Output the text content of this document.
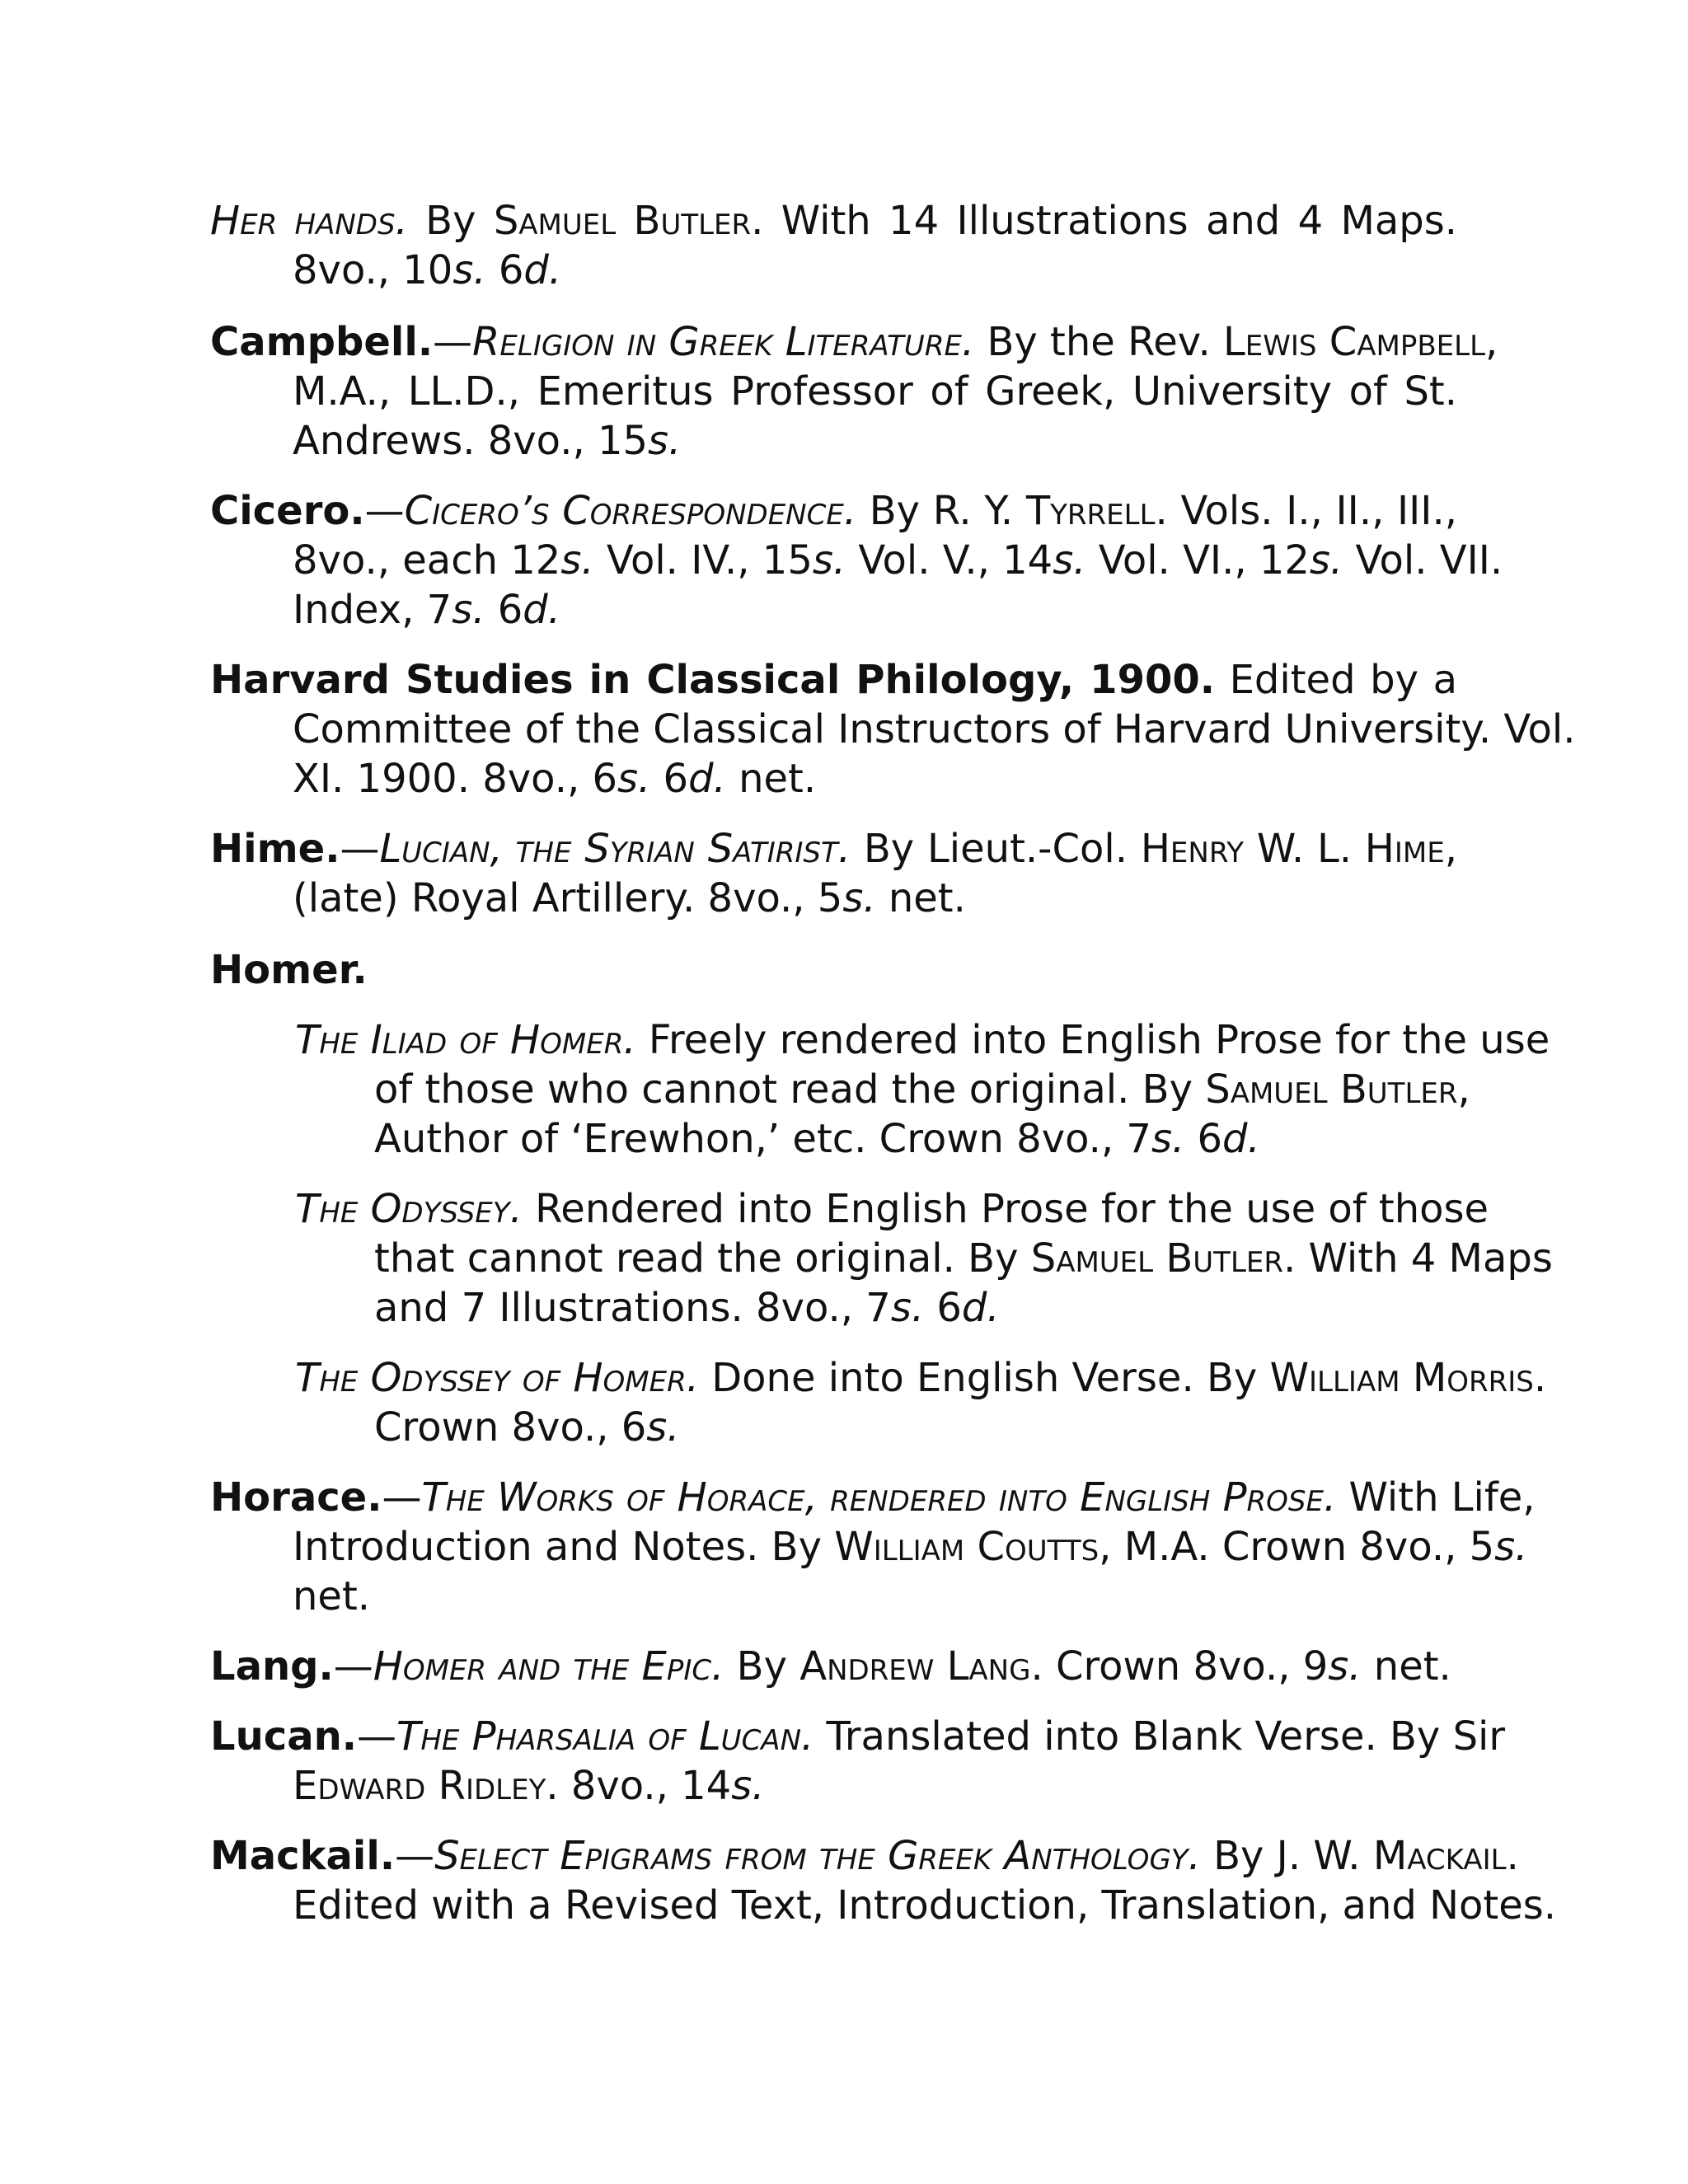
Her hands. By Samuel Butler. With 14 Illustrations and 4 Maps.
8vo., 10s. 6d.
Campbell.—Religion in Greek Literature. By the Rev. Lewis Campbell,
M.A., LL.D., Emeritus Professor of Greek, University of St.
Andrews. 8vo., 15s.
Cicero.—Cicero’s Correspondence. By R. Y. Tyrrell. Vols. I., II., III.,
8vo., each 12s. Vol. IV., 15s. Vol. V., 14s. Vol. VI., 12s. Vol. VII.
Index, 7s. 6d.
Harvard Studies in Classical Philology, 1900. Edited by a
Committee of the Classical Instructors of Harvard University. Vol.
XI. 1900. 8vo., 6s. 6d. net.
Hime.—Lucian, the Syrian Satirist. By Lieut.-Col. Henry W. L. Hime,
(late) Royal Artillery. 8vo., 5s. net.
Homer.
The Iliad of Homer. Freely rendered into English Prose for the use
of those who cannot read the original. By Samuel Butler,
Author of ‘Erewhon,’ etc. Crown 8vo., 7s. 6d.
The Odyssey. Rendered into English Prose for the use of those
that cannot read the original. By Samuel Butler. With 4 Maps
and 7 Illustrations. 8vo., 7s. 6d.
The Odyssey of Homer. Done into English Verse. By William Morris.
Crown 8vo., 6s.
Horace.—The Works of Horace, rendered into English Prose. With Life,
Introduction and Notes. By William Coutts, M.A. Crown 8vo., 5s.
net.
Lang.—Homer and the Epic. By Andrew Lang. Crown 8vo., 9s. net.
Lucan.—The Pharsalia of Lucan. Translated into Blank Verse. By Sir
Edward Ridley. 8vo., 14s.
Mackail.—Select Epigrams from the Greek Anthology. By J. W. Mackail.
Edited with a Revised Text, Introduction, Translation, and Notes.
